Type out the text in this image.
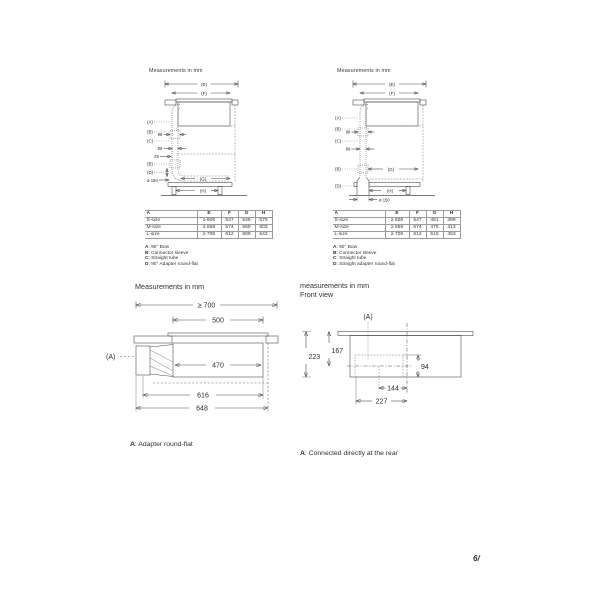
Measurements in mm
(E)
(F)
(G)
(H)
(A)
(B)
(C)
(B)
(D)
98
89
29
ø 150
A	E	F	G	H
S-size	≥ 608	547	545	579
M-size	≥ 658	574	569	603
L-size	≥ 708	612	609	643
A: 90° Bow
B: Connector sleeve
C: Straight tube
D: 90° Adapter round-flat
Measurements in mm
(E)
(F)
(G)
(H)
(A)
(B)
(C)
(B)
(D)
98
89
ø 150
A	E	F	G	H
S-size	≥ 608	547	451	389
M-size	≥ 658	574	475	413
L-size	≥ 708	612	515	453
A: 90° Bow
B: Connector sleeve
C: Straight tube
D: Straight adapter round-flat
Measurements in mm
≥ 700
500
(A)
470
616
648
A: Adapter round-flat
measurements in mm
Front view
(A)
223
167
94
144
227
A: Connected directly at the rear
6/
